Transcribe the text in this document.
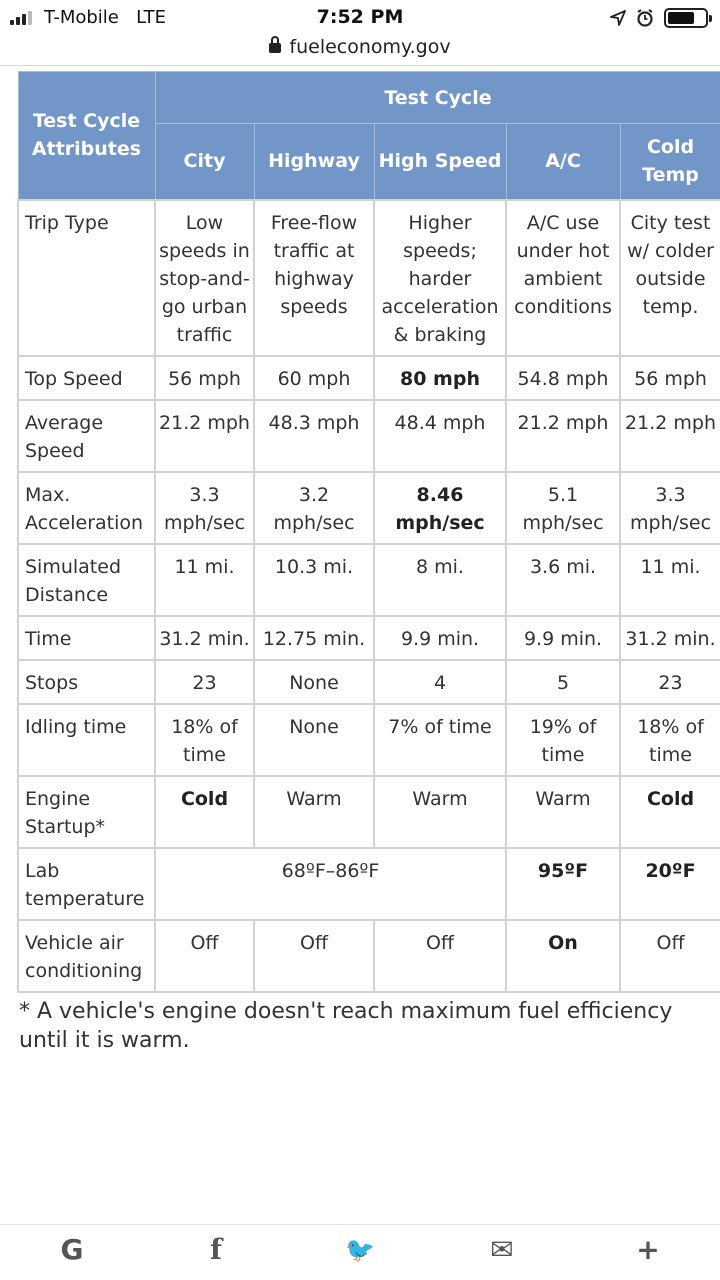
T-Mobile LTE	7:52 PM
fueleconomy.gov
Test Cycle Attributes	Test Cycle				
	City	Highway	High Speed	A/C	Cold Temp
Trip Type	Low speeds in stop-and-go urban traffic	Free-flow traffic at highway speeds	Higher speeds; harder acceleration & braking	A/C use under hot ambient conditions	City test w/ colder outside temp.
Top Speed	56 mph	60 mph	80 mph	54.8 mph	56 mph
Average Speed	21.2 mph	48.3 mph	48.4 mph	21.2 mph	21.2 mph
Max. Acceleration	3.3 mph/sec	3.2 mph/sec	8.46 mph/sec	5.1 mph/sec	3.3 mph/sec
Simulated Distance	11 mi.	10.3 mi.	8 mi.	3.6 mi.	11 mi.
Time	31.2 min.	12.75 min.	9.9 min.	9.9 min.	31.2 min.
Stops	23	None	4	5	23
Idling time	18% of time	None	7% of time	19% of time	18% of time
Engine Startup*	Cold	Warm	Warm	Warm	Cold
Lab temperature	68ºF–86ºF			95ºF	20ºF
Vehicle air conditioning	Off	Off	Off	On	Off

* A vehicle's engine doesn't reach maximum fuel efficiency until it is warm.

G	f	🐦	✉	+
